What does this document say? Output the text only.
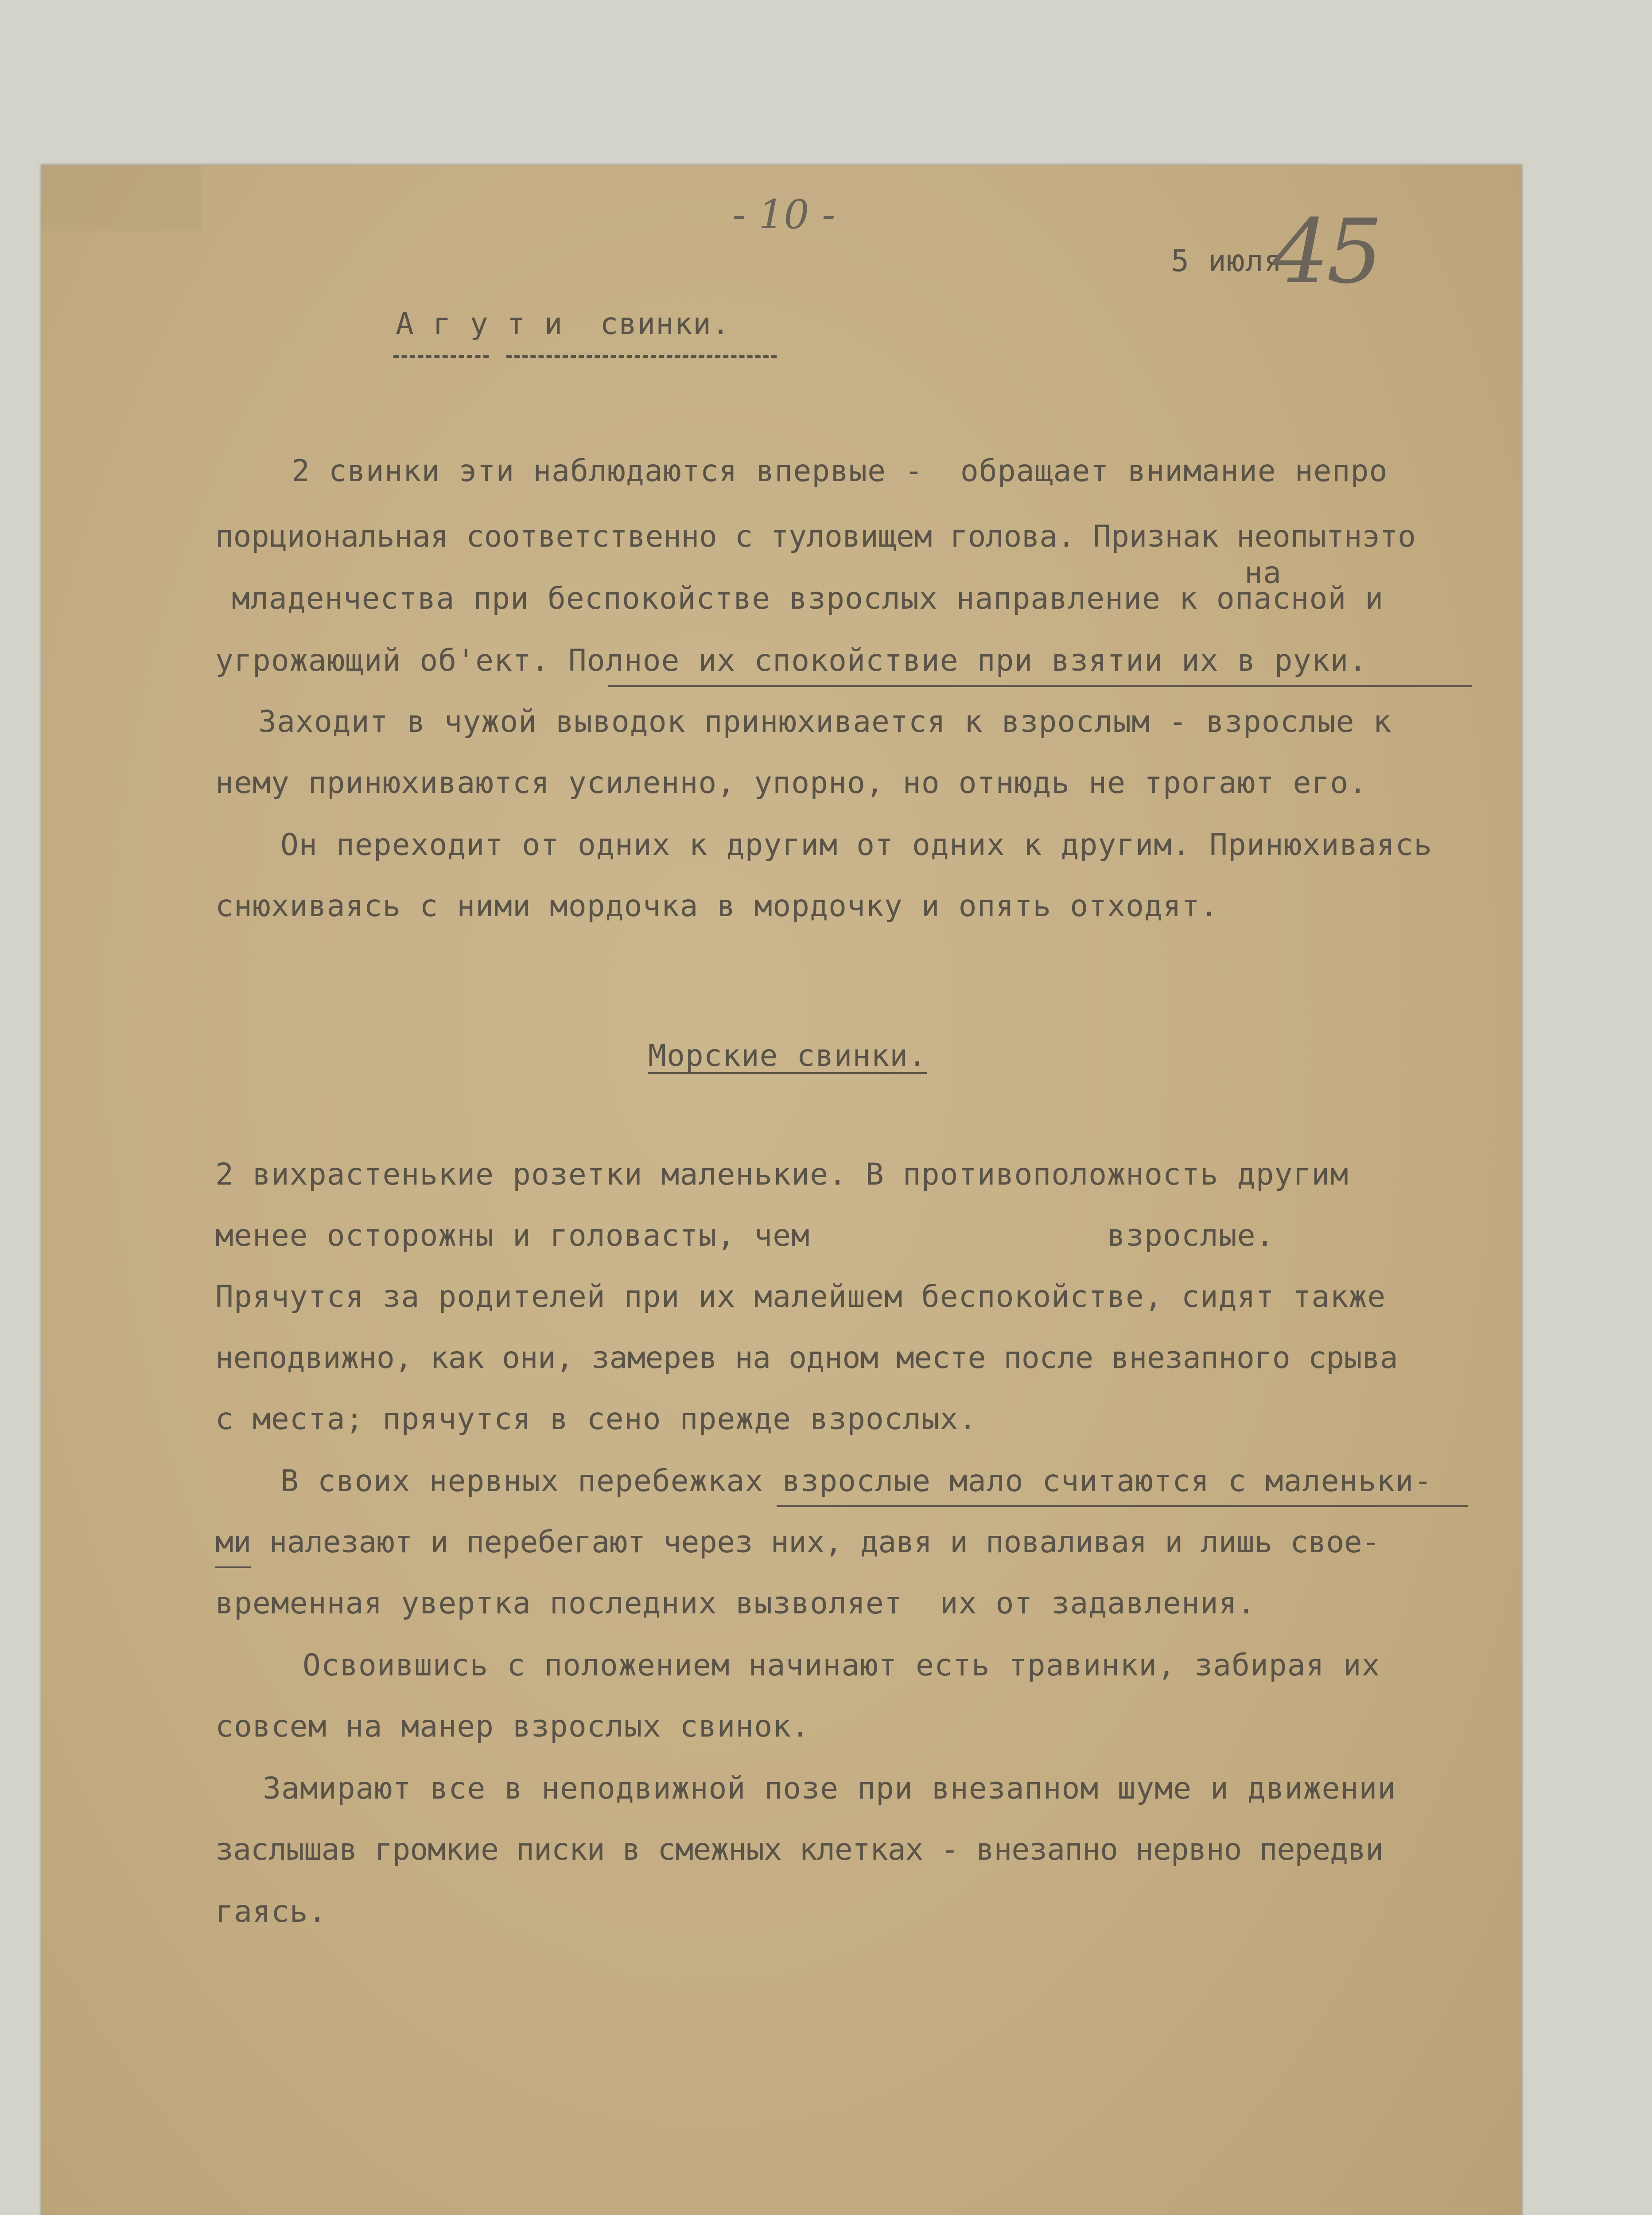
- 10 -
5 июля
45
А г у т и  свинки.
2 свинки эти наблюдаются впервые -  обращает внимание непро
порциональная соответственно с туловищем голова. Признак неопытнэто
на
младенчества при беспокойстве взрослых направление к опасной и
угрожающий об'ект. Полное их спокойствие при взятии их в руки.
Заходит в чужой выводок принюхивается к взрослым - взрослые к
нему принюхиваются усиленно, упорно, но отнюдь не трогают его.
Он переходит от одних к другим от одних к другим. Принюхиваясь
снюхиваясь с ними мордочка в мордочку и опять отходят.
Морские свинки.
2 вихрастенькие розетки маленькие. В противоположность другим
менее осторожны и головасты, чем                взрослые.
Прячутся за родителей при их малейшем беспокойстве, сидят также
неподвижно, как они, замерев на одном месте после внезапного срыва
с места; прячутся в сено прежде взрослых.
В своих нервных перебежках взрослые мало считаются с маленьки-
ми налезают и перебегают через них, давя и поваливая и лишь свое-
временная увертка последних вызволяет  их от задавления.
Освоившись с положением начинают есть травинки, забирая их
совсем на манер взрослых свинок.
Замирают все в неподвижной позе при внезапном шуме и движении
заслышав громкие писки в смежных клетках - внезапно нервно передви
гаясь.
